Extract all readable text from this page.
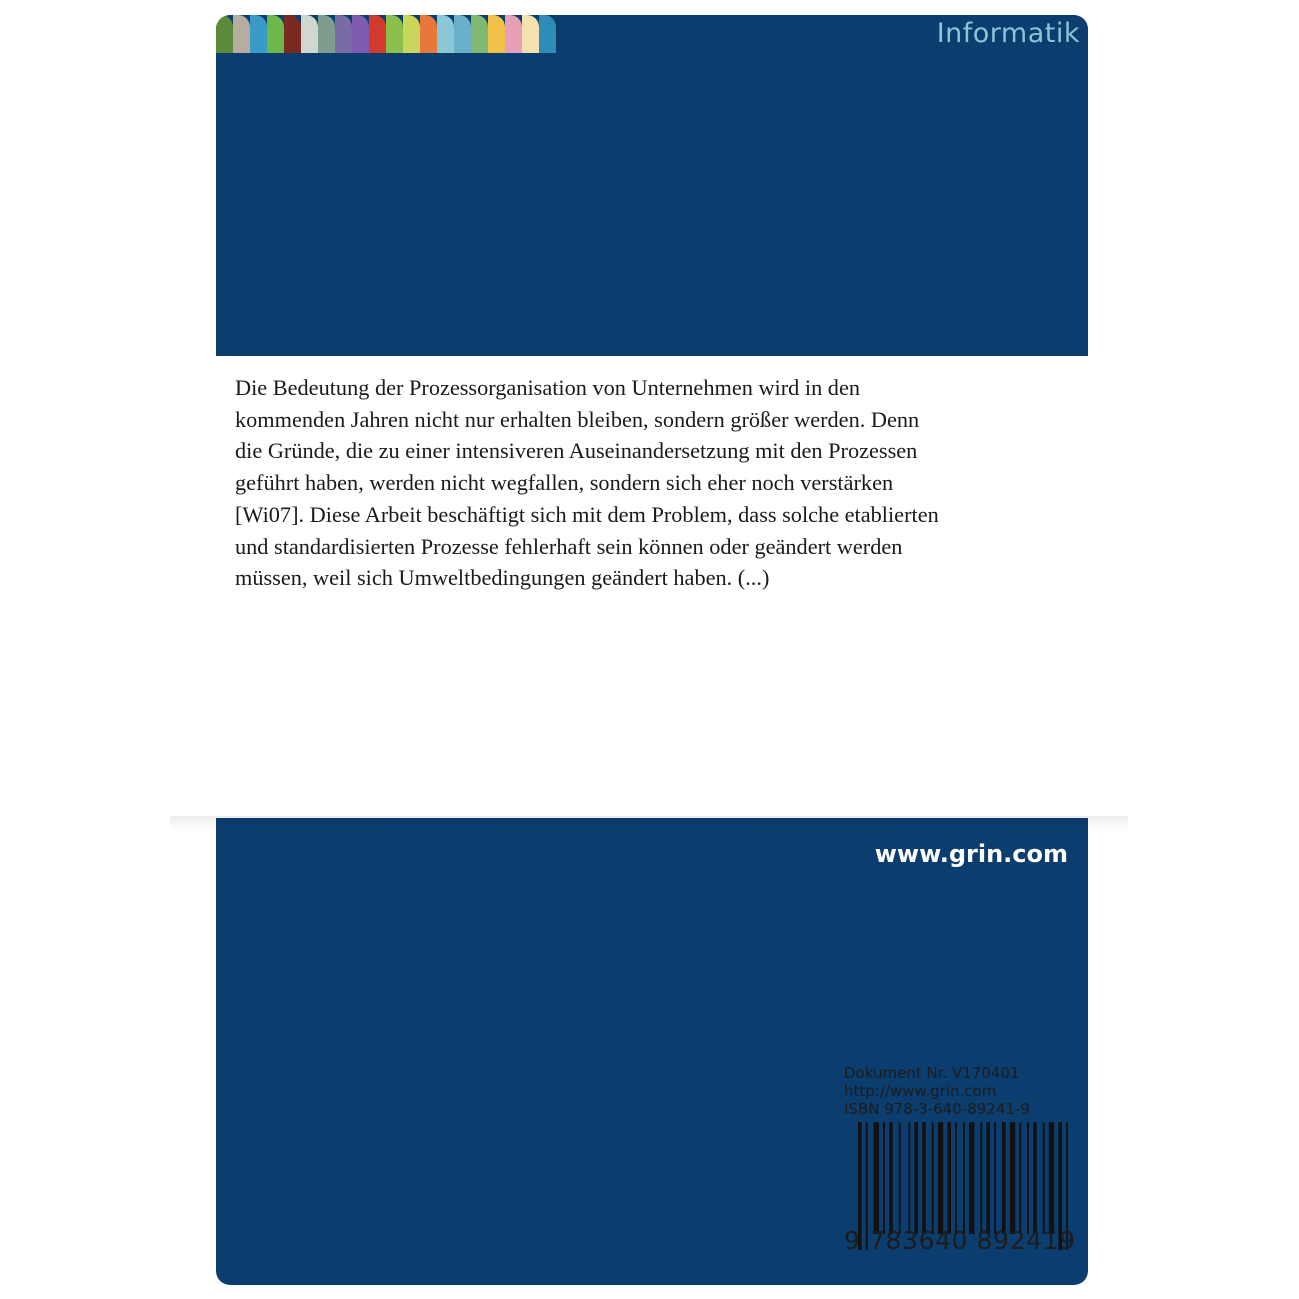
Informatik

Die Bedeutung der Prozessorganisation von Unternehmen wird in den
kommenden Jahren nicht nur erhalten bleiben, sondern größer werden. Denn
die Gründe, die zu einer intensiveren Auseinandersetzung mit den Prozessen
geführt haben, werden nicht wegfallen, sondern sich eher noch verstärken
[Wi07]. Diese Arbeit beschäftigt sich mit dem Problem, dass solche etablierten
und standardisierten Prozesse fehlerhaft sein können oder geändert werden
müssen, weil sich Umweltbedingungen geändert haben. (...)

www.grin.com
Dokument Nr. V170401
http://www.grin.com
ISBN 978-3-640-89241-9
9 783640 892419
